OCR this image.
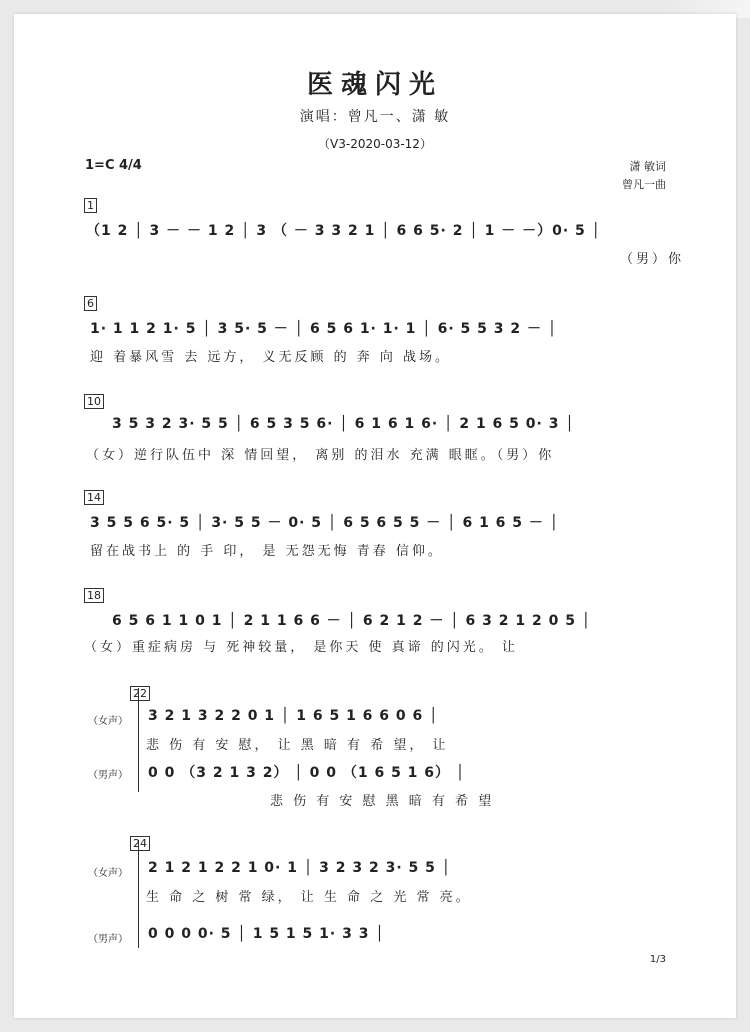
医魂闪光
演唱：曾凡一、潇 敏
（V3-2020-03-12）
1=C 4/4	潇 敏词
曾凡一曲
1
（1 2 │ 3 － － 1 2 │ 3 （ － 3 3 2 1 │ 6 6 5· 2 │ 1 － －）0· 5 │
（男）你
6
1· 1 1 2 1· 5 │ 3 5· 5 － │ 6 5 6 1· 1· 1 │ 6· 5 5 3 2 － │
迎 着暴风雪 去 远方， 义无反顾 的 奔 向 战场。
10
3 5 3 2 3· 5 5 │ 6 5 3 5 6· │ 6 1 6 1 6· │ 2 1 6 5 0· 3 │
（女）逆行队伍中 深 情回望， 离别 的泪水 充满 眼眶。（男）你
14
3 5 5 6 5· 5 │ 3· 5 5 － 0· 5 │ 6 5 6 5 5 － │ 6 1 6 5 － │
留在战书上 的 手 印， 是 无怨无悔 青春 信仰。
18
6 5 6 1 1 0 1 │ 2 1 1 6 6 － │ 6 2 1 2 － │ 6 3 2 1 2 0 5 │
（女）重症病房 与 死神较量， 是你天 使 真谛 的闪光。 让
22
（女声） 3 2 1 3 2 2 0 1 │ 1 6 5 1 6 6 0 6 │
悲 伤 有 安 慰， 让 黑 暗 有 希 望， 让
（男声） 0 0 （3 2 1 3 2） │ 0 0 （1 6 5 1 6） │
悲 伤 有 安 慰 黑 暗 有 希 望
24
（女声） 2 1 2 1 2 2 1 0· 1 │ 3 2 3 2 3· 5 5 │
生 命 之 树 常 绿， 让 生 命 之 光 常 亮。
（男声） 0 0 0 0· 5 │ 1 5 1 5 1· 3 3 │
1/3
